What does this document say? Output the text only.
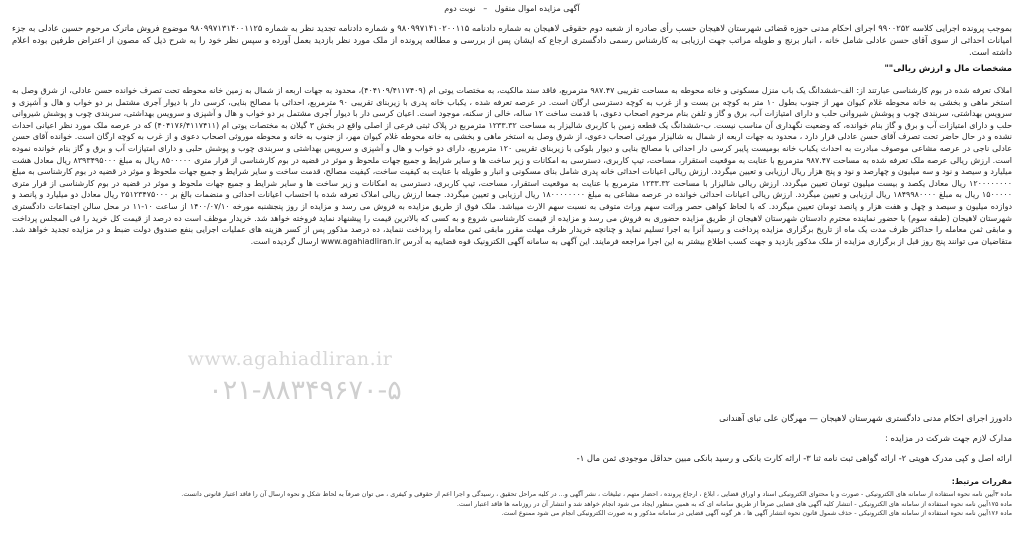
آگهی مزایده اموال منقول – نوبت دوم
بموجب پرونده اجرایی کلاسه ۹۹۰۰۲۵۲ اجرای احکام مدنی حوزه قضائی شهرستان لاهیجان حسب رأی صادره از شعبه دوم حقوقی لاهیجان به شماره دادنامه ۹۸۰۹۹۷۱۴۱۰۲۰۰۱۱۵ و شماره دادنامه تجدید نظر به شماره ۹۸۰۹۹۷۱۳۱۴۰۰۱۱۲۵ موضوع فروش ماترک مرحوم حسین عادلی به جزء امیانات احداثی از سوی آقای حسن عادلی شامل خانه ، انبار برنج و طویله مراتب جهت ارزیابی به کارشناس رسمی دادگستری ارجاع که ایشان پس از بررسی و مطالعه پرونده از ملک مورد نظر بازدید بعمل آورده و سپس نظر خود را به شرح ذیل که مصون از اعتراض طرفین بوده اعلام داشته است.
مشخصات مال و ارزش ریالی""
املاک تعرفه شده در بوم کارشناسی عبارتند از: الف-ششدانگ یک باب منزل مسکونی و خانه محوطه به مساحت تقریبی ۹۸۷.۴۷ مترمربع، فاقد سند مالکیت، به مختصات یوتی ام (۴۰۴۱۰۹/۴۱۱۷۴۰۹)، محدود به جهات اربعه از شمال به زمین خانه محوطه تحت تصرف خوانده حسن عادلی، از شرق وصل به استخر ماهی و بخشی به خانه محوطه غلام کیوان مهر از جنوب بطول ۱۰ متر به کوچه بن بست و از غرب به کوچه دسترسی ارگان است. در عرصه تعرفه شده ، یکباب خانه پدری با زیربنای تقریبی ۹۰ مترمربع، احداثی با مصالح بنایی، کرسی دار با دیوار آجری مشتمل بر دو خواب و هال و آشپزی و سرویس بهداشتی، سربندی چوب و پوشش شیروانی حلب و دارای امتیازات آب، برق و گاز و تلفن بنام مرحوم اصحاب دعوی، با قدمت ساخت ۱۲ ساله، خالی از سکنه، موجود است. اعیان کرسی دار با دیوار آجری مشتمل بر دو خواب و هال و آشپزی و سرویس بهداشتی، سربندی چوب و پوشش شیروانی حلب و دارای امتیازات آب و برق و گاز بنام خوانده، که وضعیت نگهداری آن مناسب نیست. ب-ششدانگ یک قطعه زمین با کاربری شالیزار به مساحت ۱۲۳۳.۳۲ مترمربع در پلاک ثبتی فرعی از اصلی واقع در بخش ۳ گیلان به مختصات یوتی ام (۴۰۴۱۷۶/۴۱۱۷۴۱۱) که در عرصه ملک مورد نظر اعیانی احداث نشده و در حال حاضر تحت تصرف آقای حسن عادلی قرار دارد ، محدود به جهات اربعه از شمال به شالیزار مورثی اصحاب دعوی، از شرق وصل به استخر ماهی و بخشی به خانه محوطه غلام کیوان مهر، از جنوب به خانه و محوطه موروثی اصحاب دعوی و از غرب به کوچه ارگان است. خوانده آقای حسن عادلی ناجی در عرصه مشاعی موصوف مبادرت به احداث یکباب خانه بومیست پایبر کرسی دار احداثی با مصالح بنایی و دیوار بلوکی با زیربنای تقریبی ۱۲۰ مترمربع، دارای دو خواب و هال و آشپزی و سرویس بهداشتی و سربندی چوب و پوشش حلبی و دارای امتیازات آب و برق و گاز بنام خوانده نموده است. ارزش ریالی عرصه ملک تعرفه شده به مساحت ۹۸۷.۴۷ مترمربع با عنایت به موقعیت استقرار، مساحت، تیپ کاربری، دسترسی به امکانات و زیر ساخت ها و سایر شرایط و جمیع جهات ملحوظ و موثر در قضیه در بوم کارشناسی از قرار متری ۸۵۰۰۰۰۰ ریال به مبلغ ۸۳۹۳۴۹۵۰۰۰ ریال معادل هشت میلیارد و سیصد و نود و سه میلیون و چهارصد و نود و پنج هزار ریال ارزیابی و تعیین میگردد. ارزش ریالی اعیانات احداثی خانه پدری شامل بنای مسکونی و انبار و طویله با عنایت به کیفیت ساخت، کیفیت مصالح، قدمت ساخت و سایر شرایط و جمیع جهات ملحوظ و موثر در قضیه در بوم کارشناسی به مبلغ ۱۲۰۰۰۰۰۰۰۰ ریال معادل یکصد و بیست میلیون تومان تعیین میگردد. ارزش ریالی شالیزار با مساحت ۱۲۳۳.۳۲ مترمربع با عنایت به موقعیت استقرار، مساحت، تیپ کاربری، دسترسی به امکانات و زیر ساخت ها و سایر شرایط و جمیع جهات ملحوظ و موثر در قضیه در بوم کارشناسی از قرار متری ۱۵۰۰۰۰۰ ریال به مبلغ ۱۸۴۹۹۸۰۰۰۰ ریال ارزیابی و تعیین میگردد. ارزش ریالی اعیانات احداثی خوانده در عرصه مشاعی به مبلغ ۱۸۰۰۰۰۰۰۰۰ ریال ارزیابی و تعیین میگردد. جمعا ارزش ریالی املاک تعرفه شده با احتساب اعیانات احداثی و منضمات بالغ بر ۲۵۱۲۳۴۷۵۰۰۰ ریال معادل دو میلیارد و پانصد و دوازده میلیون و سیصد و چهل و هفت هزار و پانصد تومان تعیین میگردد. که با لحاظ کواهی حصر وراثت سهم وراث متوفی به نسبت سهم الارث میباشد. ملک فوق از طریق مزایده به فروش می رسد و مزایده از روز پنجشنبه مورخه ۱۴۰۰/۰۷/۱۰ از ساعت ۱۰-۱۱ در محل سالن اجتماعات دادگستری شهرستان لاهیجان (طبقه سوم) با حضور نماینده محترم دادستان شهرستان لاهیجان از طریق مزایده حضوری به فروش می رسد و مزایده از قیمت کارشناسی شروع و به کسی که بالاترین قیمت را پیشنهاد نماید فروخته خواهد شد. خریدار موظف است ده درصد از قیمت کل خرید را فی المجلس پرداخت و مابقی ثمن معامله را حداکثر ظرف مدت یک ماه از تاریخ برگزاری مزایده پرداخت و رسید آنرا به اجرا تسلیم نماید و چنانچه خریدار ظرف مهلت مقرر مابقی ثمن معامله را پرداخت ننماید، ده درصد مذکور پس از کسر هزینه های عملیات اجرایی بنفع صندوق دولت ضبط و در مزایده تجدید خواهد شد. متقاضیان می توانند پنج روز قبل از برگزاری مزایده از ملک مذکور بازدید و جهت کسب اطلاع بیشتر به این اجرا مراجعه فرمایند. این آگهی به سامانه آگهی الکترونیک قوه قضاییه به آدرس www.agahiadliran.ir ارسال گردیده است.
www.agahiadliran.ir
۰۲۱-۸۸۳۴۹۶۷۰-۵
دادورز اجرای احکام مدنی دادگستری شهرستان لاهیجان — مهرگان علی تبای آهندانی
مدارک لازم جهت شرکت در مزایده :
ارائه اصل و کپی مدرک هویتی ۲- ارائه گواهی ثبت نامه ثنا ۳- ارائه کارت بانکی و رسید بانکی مبین حداقل موجودی ثمن مال ۱-
مقررات مرتبط:
ماده ۳آیین نامه نحوه استفاده از سامانه های الکترونیکی - صورت و یا محتوای الکترونیکی اسناد و اوراق قضایی ، ابلاغ ، ارجاع پرونده ، احضار متهم ، تبلیغات ، نشر آگهی و... در کلیه مراحل تحقیق ، رسیدگی و اجرا اعم از حقوقی و کیفری ، می توان صرفاً به لحاظ شکل و نحوه ارسال آن را فاقد اعتبار قانونی دانست.
ماده ۱۷۵آیین نامه نحوه استفاده از سامانه های الکترونیکی - انتشار کلیه آگهی های قضایی صرفاً از طریق سامانه ای که به همین منظور ایجاد می شود انجام خواهد شد و انتشار آن در روزنامه ها فاقد اعتبار است.
ماده ۱۷۶آیین نامه نحوه استفاده از سامانه های الکترونیکی - حذف شمول قانون نحوه انتشار آگهی ها ، هر گونه آگهی قضایی در سامانه مذکور و به صورت الکترونیکی انجام می شود ممنوع است.
